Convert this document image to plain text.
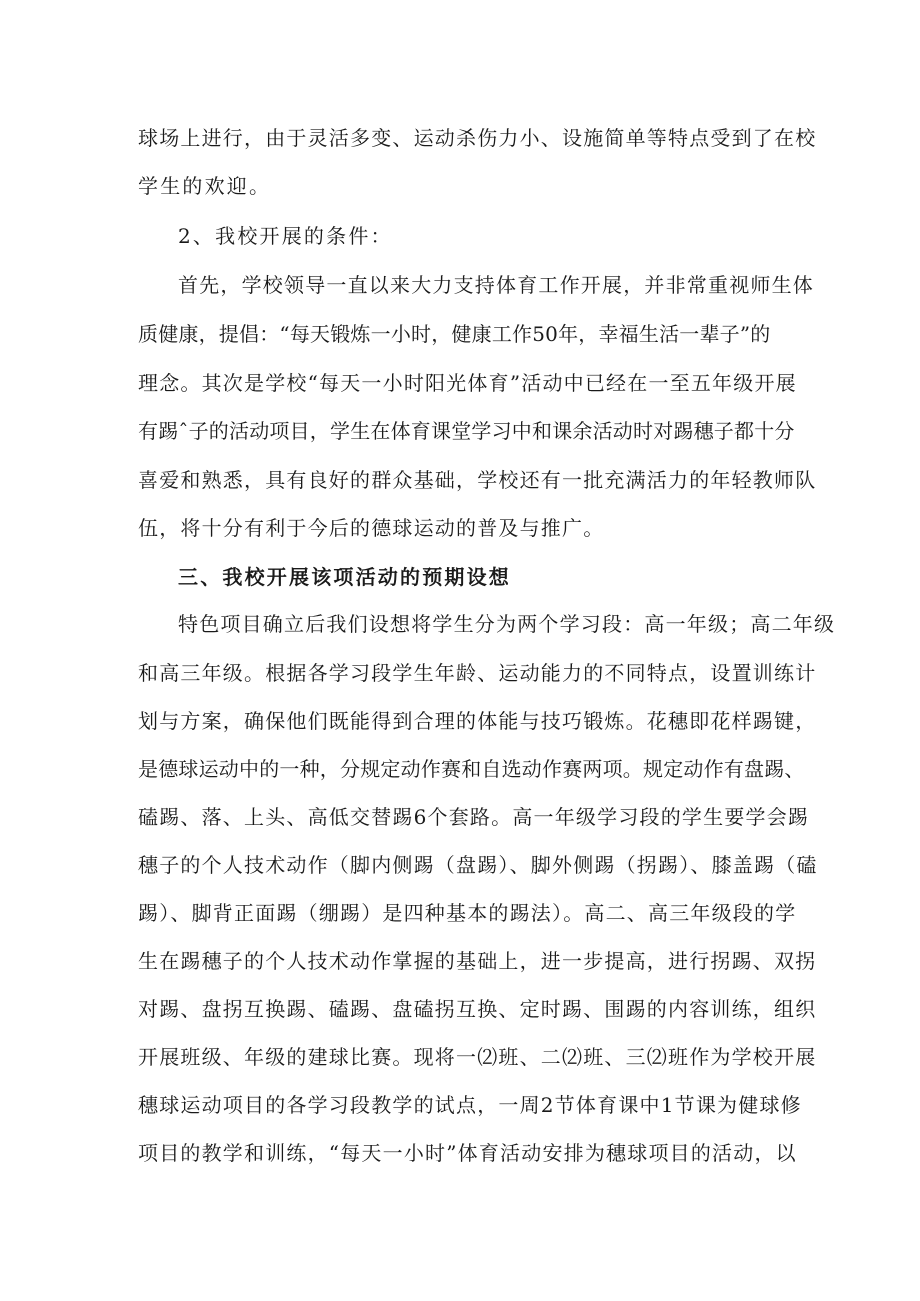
球场上进行，由于灵活多变、运动杀伤力小、设施简单等特点受到了在校
学生的欢迎。
2、我校开展的条件：
首先，学校领导一直以来大力支持体育工作开展，并非常重视师生体
质健康，提倡：“每天锻炼一小时，健康工作50年，幸福生活一辈子”的
理念。其次是学校“每天一小时阳光体育”活动中已经在一至五年级开展
有踢ˆ子的活动项目，学生在体育课堂学习中和课余活动时对踢穗子都十分
喜爱和熟悉，具有良好的群众基础，学校还有一批充满活力的年轻教师队
伍，将十分有利于今后的德球运动的普及与推广。
三、我校开展该项活动的预期设想
特色项目确立后我们设想将学生分为两个学习段：高一年级；高二年级
和高三年级。根据各学习段学生年龄、运动能力的不同特点，设置训练计
划与方案，确保他们既能得到合理的体能与技巧锻炼。花穗即花样踢键，
是德球运动中的一种，分规定动作赛和自选动作赛两项。规定动作有盘踢、
磕踢、落、上头、高低交替踢6个套路。高一年级学习段的学生要学会踢
穗子的个人技术动作（脚内侧踢（盘踢）、脚外侧踢（拐踢）、膝盖踢（磕
踢）、脚背正面踢（绷踢）是四种基本的踢法）。高二、高三年级段的学
生在踢穗子的个人技术动作掌握的基础上，进一步提高，进行拐踢、双拐
对踢、盘拐互换踢、磕踢、盘磕拐互换、定时踢、围踢的内容训练，组织
开展班级、年级的建球比赛。现将一⑵班、二⑵班、三⑵班作为学校开展
穗球运动项目的各学习段教学的试点，一周2节体育课中1节课为健球修
项目的教学和训练，“每天一小时”体育活动安排为穗球项目的活动，以
